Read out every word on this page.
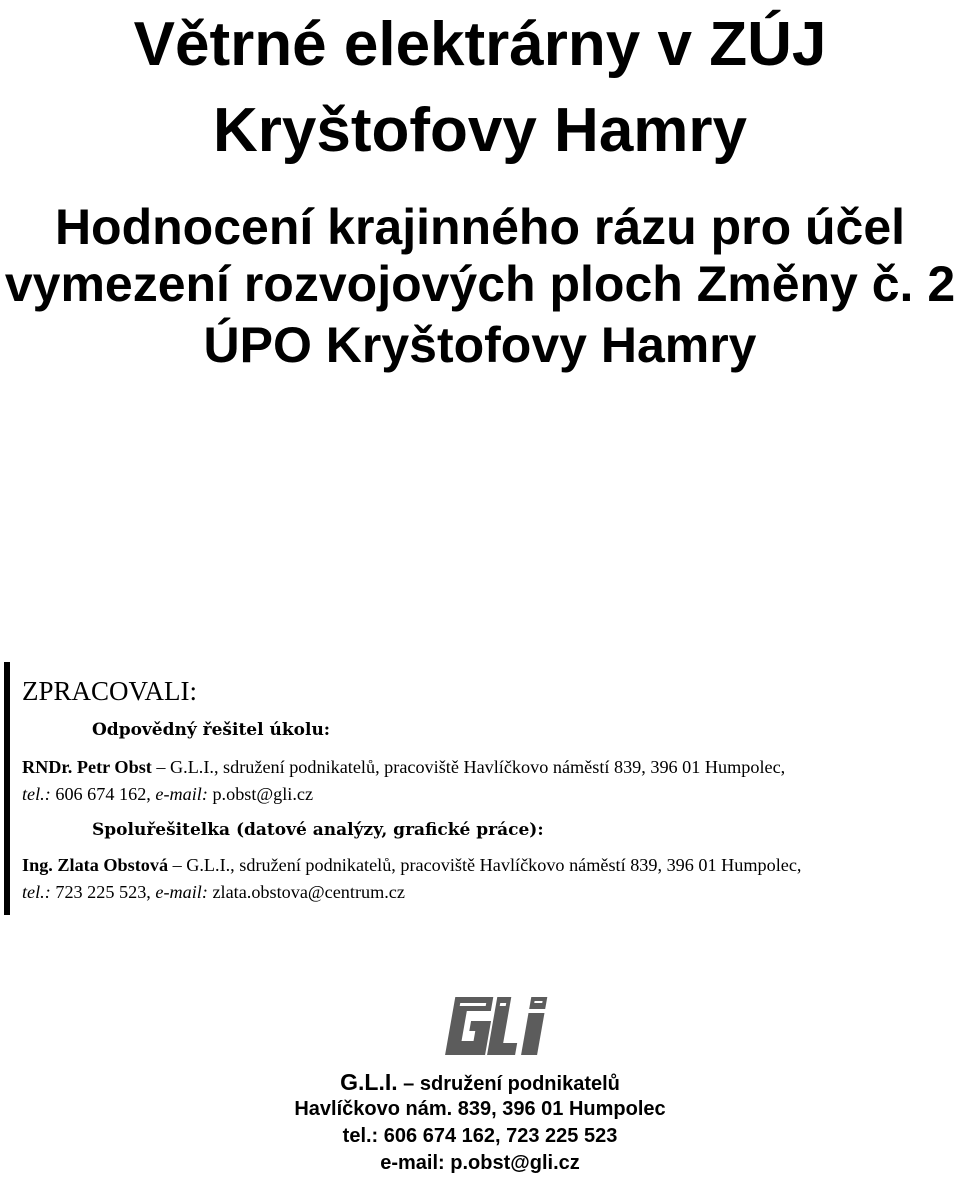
Větrné elektrárny v ZÚJ
Kryštofovy Hamry
Hodnocení krajinného rázu pro účel
vymezení rozvojových ploch Změny č. 2
ÚPO Kryštofovy Hamry
ZPRACOVALI:
Odpovědný řešitel úkolu:
RNDr. Petr Obst – G.L.I., sdružení podnikatelů, pracoviště Havlíčkovo náměstí 839, 396 01 Humpolec,
tel.: 606 674 162, e-mail: p.obst@gli.cz
Spoluřešitelka (datové analýzy, grafické práce):
Ing. Zlata Obstová – G.L.I., sdružení podnikatelů, pracoviště Havlíčkovo náměstí 839, 396 01 Humpolec,
tel.: 723 225 523, e-mail: zlata.obstova@centrum.cz
G.L.I. – sdružení podnikatelů
Havlíčkovo nám. 839, 396 01 Humpolec
tel.: 606 674 162, 723 225 523
e-mail: p.obst@gli.cz
